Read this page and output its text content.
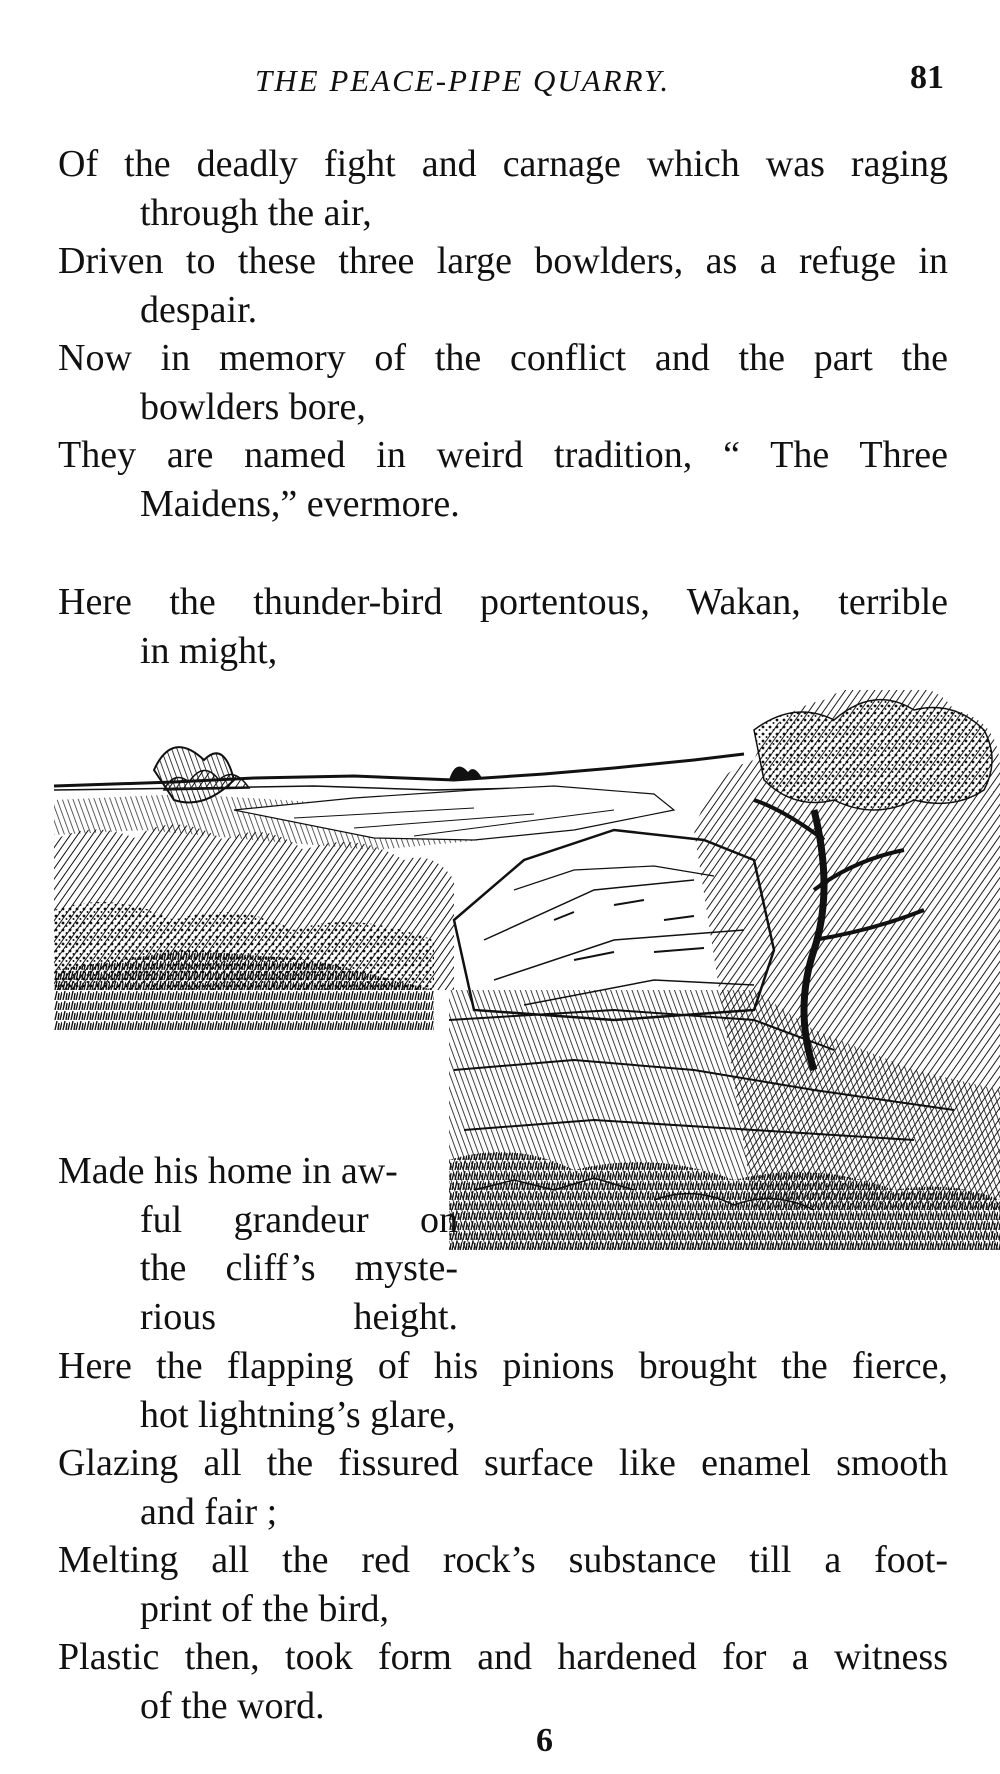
THE PEACE-PIPE QUARRY.	81
Of the deadly fight and carnage which was raging
through the air,
Driven to these three large bowlders, as a refuge in
despair.
Now in memory of the conflict and the part the
bowlders bore,
They are named in weird tradition, “ The Three
Maidens,” evermore.
Here the thunder-bird portentous, Wakan, terrible
in might,
Made his home in aw-
ful grandeur on
the cliff’s myste-
rious height.
Here the flapping of his pinions brought the fierce,
hot lightning’s glare,
Glazing all the fissured surface like enamel smooth
and fair ;
Melting all the red rock’s substance till a foot-
print of the bird,
Plastic then, took form and hardened for a witness
of the word.
6
